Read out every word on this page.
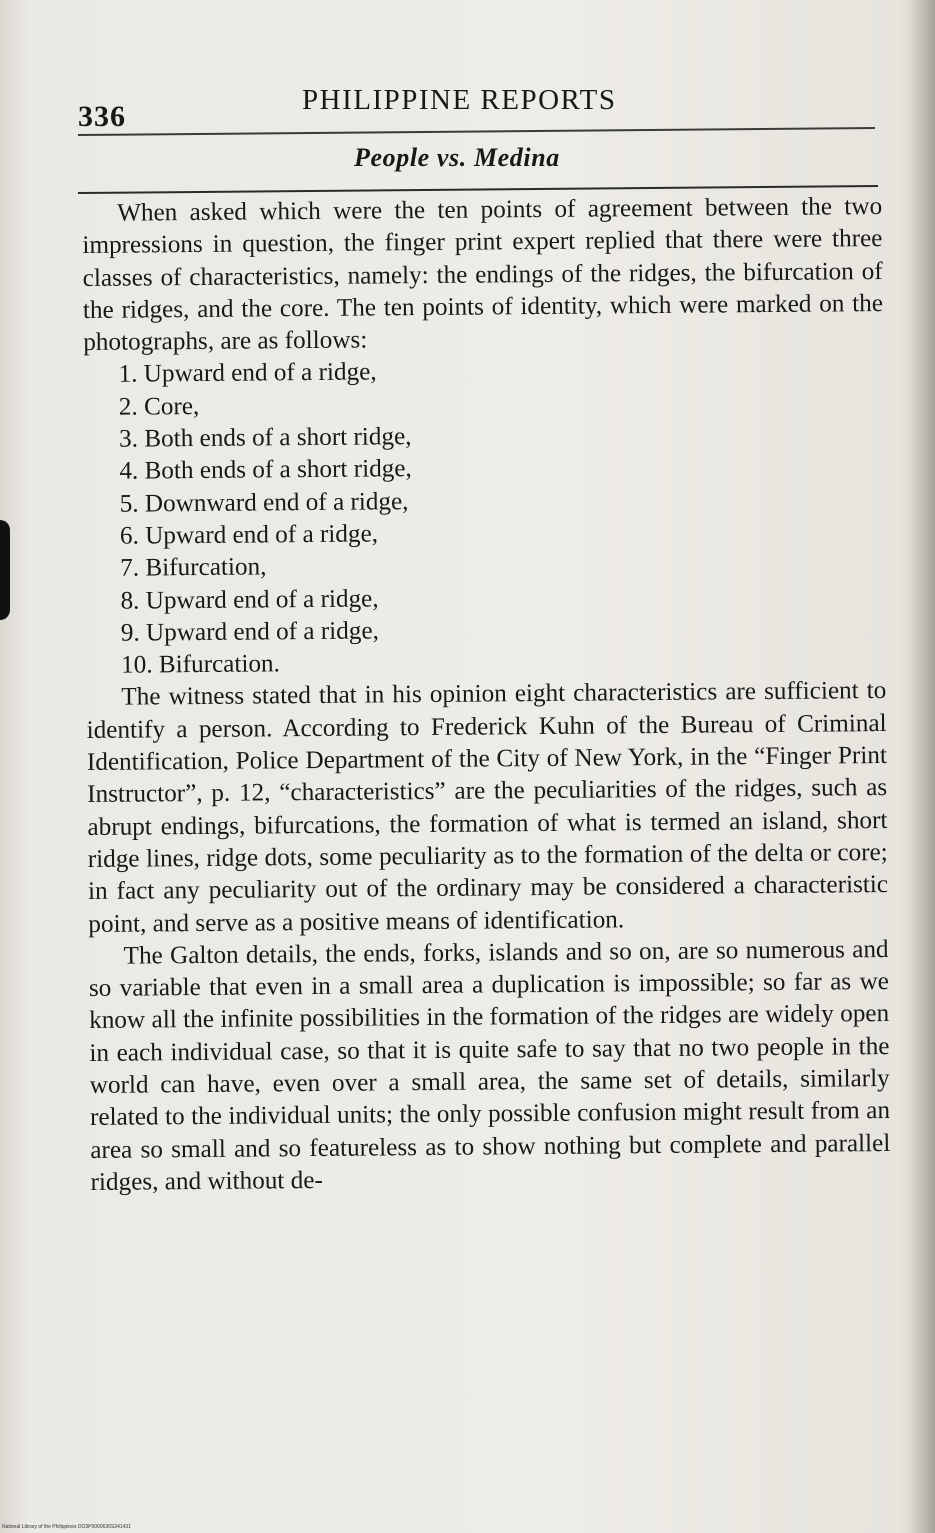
336	PHILIPPINE REPORTS
People vs. Medina

When asked which were the ten points of agreement between the two impressions in question, the finger print expert replied that there were three classes of characteristics, namely: the endings of the ridges, the bifurcation of the ridges, and the core. The ten points of identity, which were marked on the photographs, are as follows:

1. Upward end of a ridge,
2. Core,
3. Both ends of a short ridge,
4. Both ends of a short ridge,
5. Downward end of a ridge,
6. Upward end of a ridge,
7. Bifurcation,
8. Upward end of a ridge,
9. Upward end of a ridge,
10. Bifurcation.

The witness stated that in his opinion eight characteristics are sufficient to identify a person. According to Frederick Kuhn of the Bureau of Criminal Identification, Police Department of the City of New York, in the “Finger Print Instructor”, p. 12, “characteristics” are the peculiarities of the ridges, such as abrupt endings, bifurcations, the formation of what is termed an island, short ridge lines, ridge dots, some peculiarity as to the formation of the delta or core; in fact any peculiarity out of the ordinary may be considered a characteristic point, and serve as a positive means of identification.

The Galton details, the ends, forks, islands and so on, are so numerous and so variable that even in a small area a duplication is impossible; so far as we know all the infinite possibilities in the formation of the ridges are widely open in each individual case, so that it is quite safe to say that no two people in the world can have, even over a small area, the same set of details, similarly related to the individual units; the only possible confusion might result from an area so small and so featureless as to show nothing but complete and parallel ridges, and without de-

National Library of the Philippines DO3P0000636S341431
